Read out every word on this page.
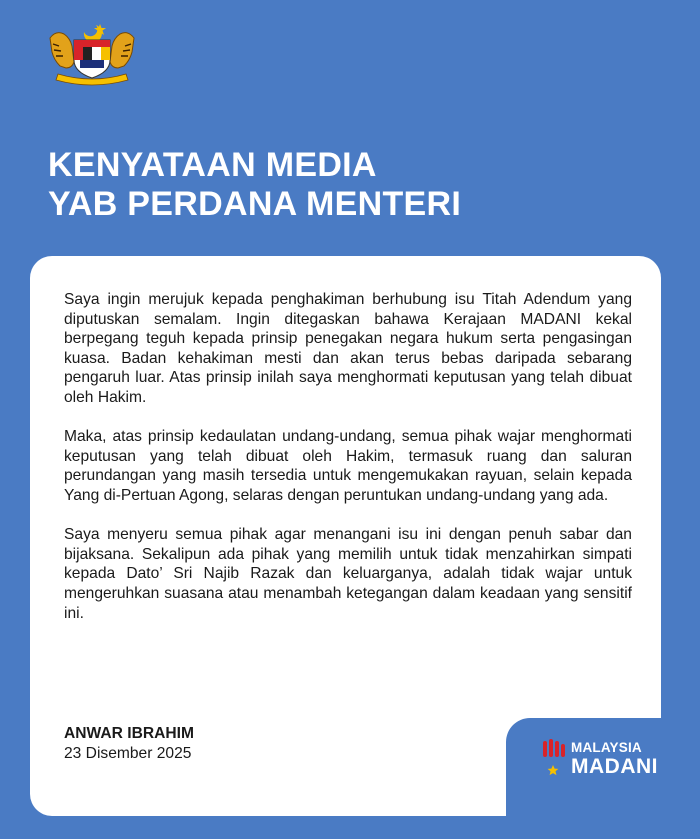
KENYATAAN MEDIA
YAB PERDANA MENTERI

Saya ingin merujuk kepada penghakiman berhubung isu Titah Adendum yang diputuskan semalam. Ingin ditegaskan bahawa Kerajaan MADANI kekal berpegang teguh kepada prinsip penegakan negara hukum serta pengasingan kuasa. Badan kehakiman mesti dan akan terus bebas daripada sebarang pengaruh luar. Atas prinsip inilah saya menghormati keputusan yang telah dibuat oleh Hakim.

Maka, atas prinsip kedaulatan undang-undang, semua pihak wajar menghormati keputusan yang telah dibuat oleh Hakim, termasuk ruang dan saluran perundangan yang masih tersedia untuk mengemukakan rayuan, selain kepada Yang di-Pertuan Agong, selaras dengan peruntukan undang-undang yang ada.

Saya menyeru semua pihak agar menangani isu ini dengan penuh sabar dan bijaksana. Sekalipun ada pihak yang memilih untuk tidak menzahirkan simpati kepada Dato’ Sri Najib Razak dan keluarganya, adalah tidak wajar untuk mengeruhkan suasana atau menambah ketegangan dalam keadaan yang sensitif ini.

ANWAR IBRAHIM
23 Disember 2025	MALAYSIA
MADANI
